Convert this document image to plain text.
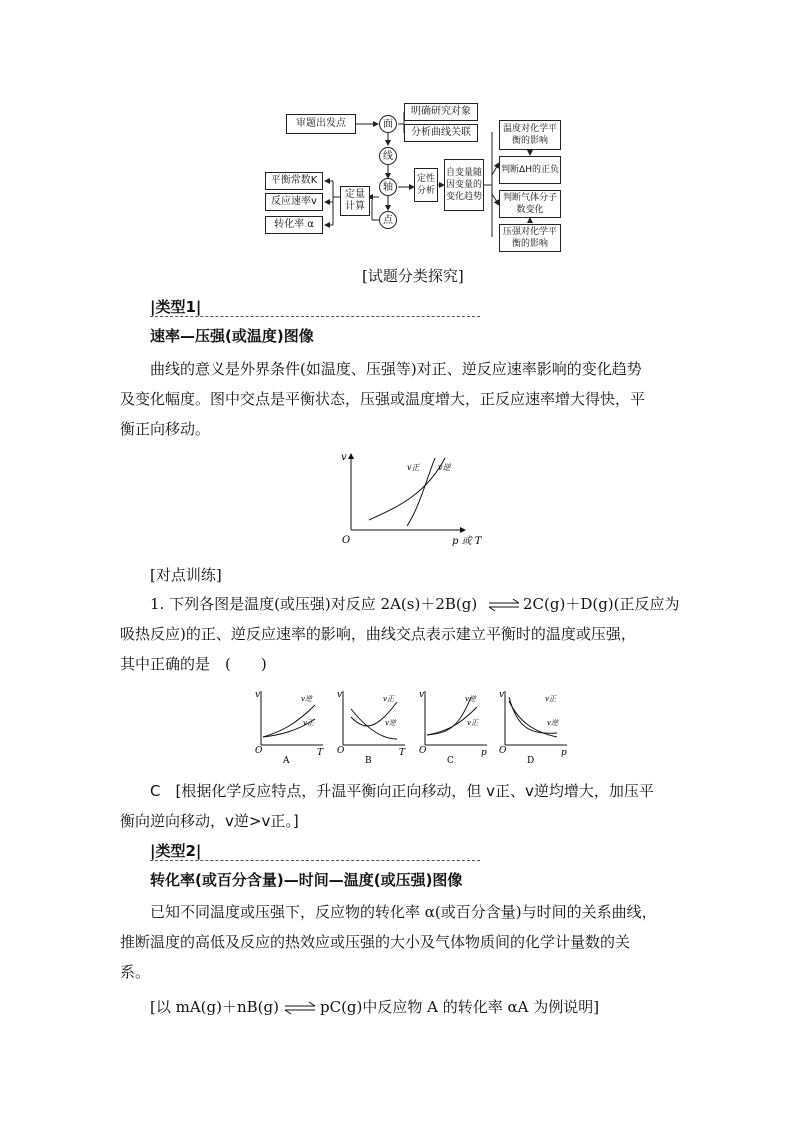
审题出发点	面
明确研究对象
分析曲线关联
线
轴
点
平衡常数K
反应速率v
转化率 α
定量计算
定性分析
自变量随因变量的变化趋势
温度对化学平衡的影响
判断ΔH的正负
判断气体分子数变化
压强对化学平衡的影响
[试题分类探究]
|类型1|
速率—压强(或温度)图像
曲线的意义是外界条件(如温度、压强等)对正、逆反应速率影响的变化趋势
及变化幅度。图中交点是平衡状态，压强或温度增大，正反应速率增大得快，平
衡正向移动。
v
O	p 或 T
v正 v逆
[对点训练]
1. 下列各图是温度(或压强)对反应 2A(s)＋2B(g) ⇌ 2C(g)＋D(g)(正反应为
吸热反应)的正、逆反应速率的影响，曲线交点表示建立平衡时的温度或压强，
其中正确的是　(　　)
v
O	T
v逆
v正
A
v
O	T
v正
v逆
B
v
O	p
v逆
v正
C
v
O	p
v正
v逆
D
C　[根据化学反应特点，升温平衡向正向移动，但 v正、v逆均增大，加压平
衡向逆向移动，v逆>v正。]
|类型2|
转化率(或百分含量)—时间—温度(或压强)图像
已知不同温度或压强下，反应物的转化率 α(或百分含量)与时间的关系曲线，
推断温度的高低及反应的热效应或压强的大小及气体物质间的化学计量数的关
系。
[以 mA(g)＋nB(g) ⇌ pC(g)中反应物 A 的转化率 αA 为例说明]
